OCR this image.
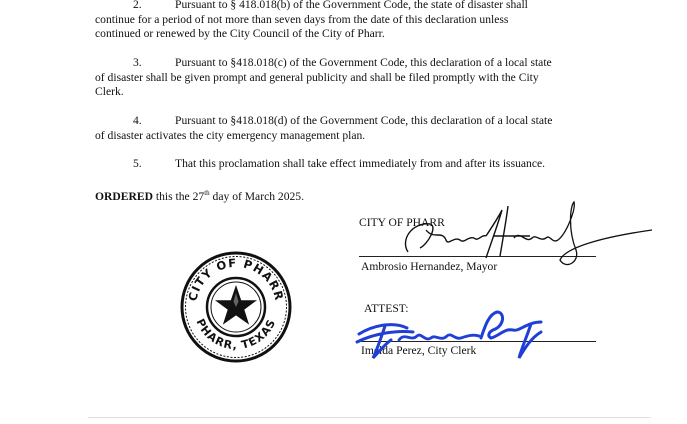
2.	Pursuant to § 418.018(b) of the Government Code, the state of disaster shall
continue for a period of not more than seven days from the date of this declaration unless
continued or renewed by the City Council of the City of Pharr.
3.	Pursuant to §418.018(c) of the Government Code, this declaration of a local state
of disaster shall be given prompt and general publicity and shall be filed promptly with the City
Clerk.
4.	Pursuant to §418.018(d) of the Government Code, this declaration of a local state
of disaster activates the city emergency management plan.
5.	That this proclamation shall take effect immediately from and after its issuance.
ORDERED this the 27th day of March 2025.
CITY OF PHARR
Ambrosio Hernandez, Mayor
ATTEST:
Imelda Perez, City Clerk
CITY OF PHARR
PHARR, TEXAS
